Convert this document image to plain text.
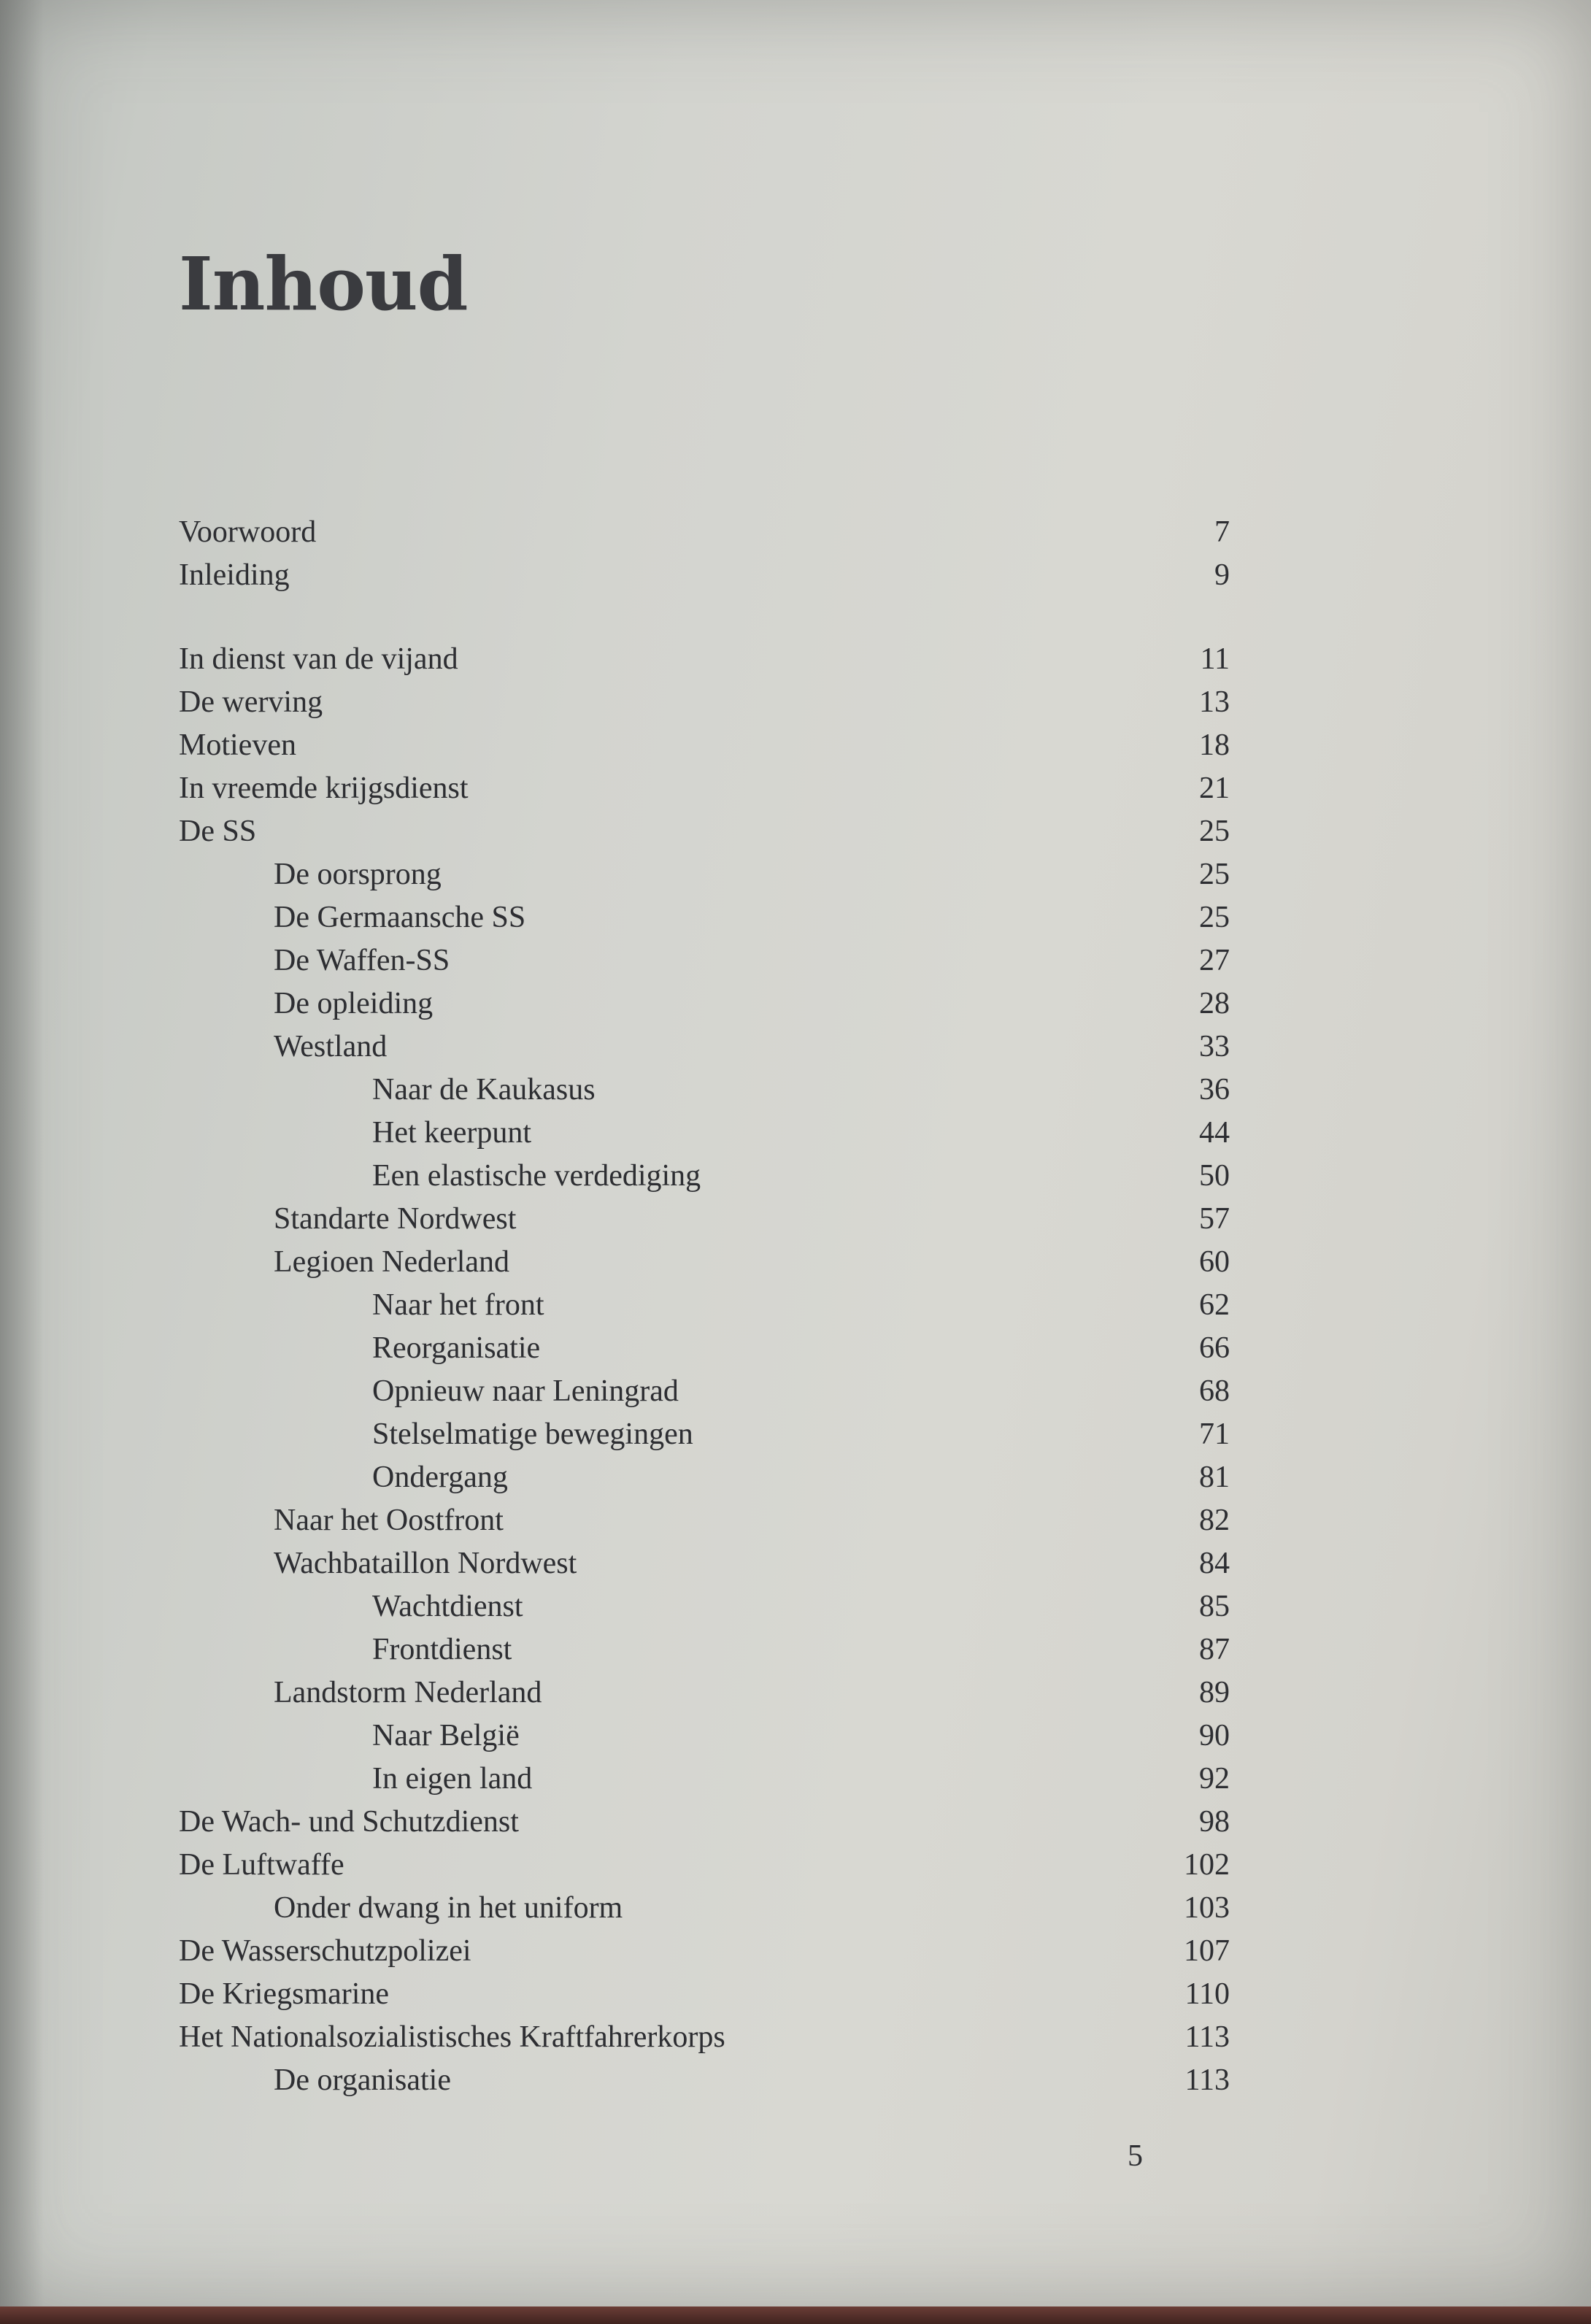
Inhoud
Voorwoord	7
Inleiding	9
In dienst van de vijand	11
De werving	13
Motieven	18
In vreemde krijgsdienst	21
De SS	25
De oorsprong	25
De Germaansche SS	25
De Waffen-SS	27
De opleiding	28
Westland	33
Naar de Kaukasus	36
Het keerpunt	44
Een elastische verdediging	50
Standarte Nordwest	57
Legioen Nederland	60
Naar het front	62
Reorganisatie	66
Opnieuw naar Leningrad	68
Stelselmatige bewegingen	71
Ondergang	81
Naar het Oostfront	82
Wachbataillon Nordwest	84
Wachtdienst	85
Frontdienst	87
Landstorm Nederland	89
Naar België	90
In eigen land	92
De Wach- und Schutzdienst	98
De Luftwaffe	102
Onder dwang in het uniform	103
De Wasserschutzpolizei	107
De Kriegsmarine	110
Het Nationalsozialistisches Kraftfahrerkorps	113
De organisatie	113
5
